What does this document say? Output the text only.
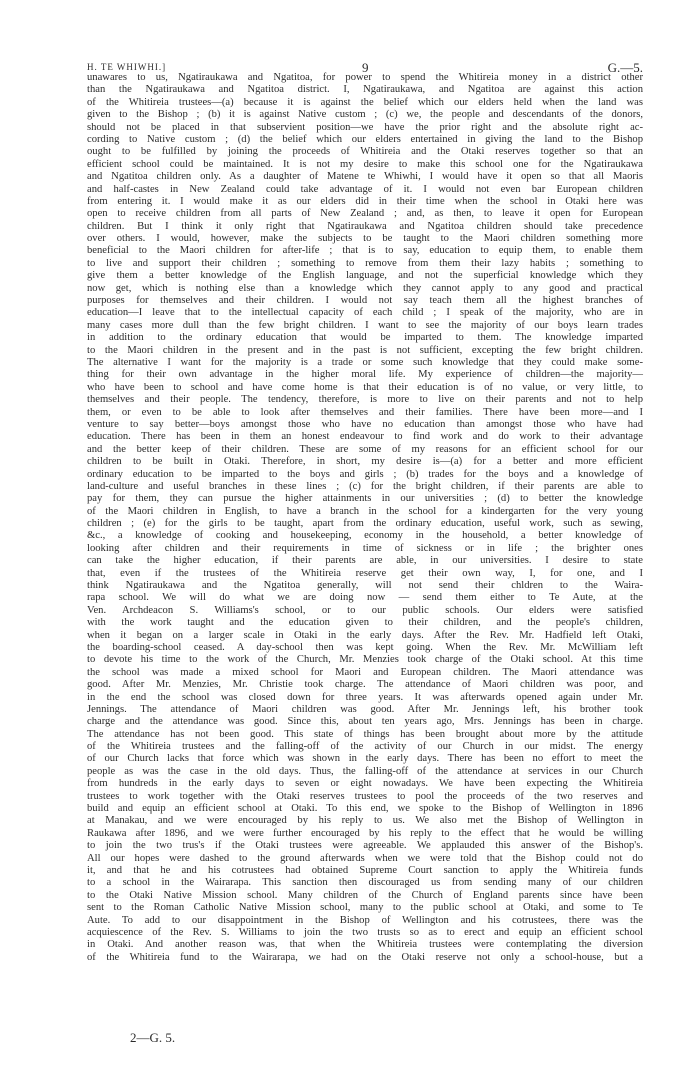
H. TE WHIWHI.]	9	G.—5.
unawares to us, Ngatiraukawa and Ngatitoa, for power to spend the Whitireia money in a district other
than the Ngatiraukawa and Ngatitoa district. I, Ngatiraukawa, and Ngatitoa are against this action
of the Whitireia trustees—(a) because it is against the belief which our elders held when the land was
given to the Bishop ; (b) it is against Native custom ; (c) we, the people and descendants of the donors,
should not be placed in that subservient position—we have the prior right and the absolute right ac-
cording to Native custom ; (d) the belief which our elders entertained in giving the land to the Bishop
ought to be fulfilled by joining the proceeds of Whitireia and the Otaki reserves together so that an
efficient school could be maintained. It is not my desire to make this school one for the Ngatiraukawa
and Ngatitoa children only. As a daughter of Matene te Whiwhi, I would have it open so that all Maoris
and half-castes in New Zealand could take advantage of it. I would not even bar European children
from entering it. I would make it as our elders did in their time when the school in Otaki here was
open to receive children from all parts of New Zealand ; and, as then, to leave it open for European
children. But I think it only right that Ngatiraukawa and Ngatitoa children should take precedence
over others. I would, however, make the subjects to be taught to the Maori children something more
beneficial to the Maori children for after-life ; that is to say, education to equip them, to enable them
to live and support their children ; something to remove from them their lazy habits ; something to
give them a better knowledge of the English language, and not the superficial knowledge which they
now get, which is nothing else than a knowledge which they cannot apply to any good and practical
purposes for themselves and their children. I would not say teach them all the highest branches of
education—I leave that to the intellectual capacity of each child ; I speak of the majority, who are in
many cases more dull than the few bright children. I want to see the majority of our boys learn trades
in addition to the ordinary education that would be imparted to them. The knowledge imparted
to the Maori children in the present and in the past is not sufficient, excepting the few bright children.
The alternative I want for the majority is a trade or some such knowledge that they could make some-
thing for their own advantage in the higher moral life. My experience of children—the majority—
who have been to school and have come home is that their education is of no value, or very little, to
themselves and their people. The tendency, therefore, is more to live on their parents and not to help
them, or even to be able to look after themselves and their families. There have been more—and I
venture to say better—boys amongst those who have no education than amongst those who have had
education. There has been in them an honest endeavour to find work and do work to their advantage
and the better keep of their children. These are some of my reasons for an efficient school for our
children to be built in Otaki. Therefore, in short, my desire is—(a) for a better and more efficient
ordinary education to be imparted to the boys and girls ; (b) trades for the boys and a knowledge of
land-culture and useful branches in these lines ; (c) for the bright children, if their parents are able to
pay for them, they can pursue the higher attainments in our universities ; (d) to better the knowledge
of the Maori children in English, to have a branch in the school for a kindergarten for the very young
children ; (e) for the girls to be taught, apart from the ordinary education, useful work, such as sewing,
&c., a knowledge of cooking and housekeeping, economy in the household, a better knowledge of
looking after children and their requirements in time of sickness or in life ; the brighter ones
can take the higher education, if their parents are able, in our universities. I desire to state
that, even if the trustees of the Whitireia reserve get their own way, I, for one, and I
think Ngatiraukawa and the Ngatitoa generally, will not send their chldren to the Waira-
rapa school. We will do what we are doing now — send them either to Te Aute, at the
Ven. Archdeacon S. Williams's school, or to our public schools. Our elders were satisfied
with the work taught and the education given to their children, and the people's children,
when it began on a larger scale in Otaki in the early days. After the Rev. Mr. Hadfield left Otaki,
the boarding-school ceased. A day-school then was kept going. When the Rev. Mr. McWilliam left
to devote his time to the work of the Church, Mr. Menzies took charge of the Otaki school. At this time
the school was made a mixed school for Maori and European children. The Maori attendance was
good. After Mr. Menzies, Mr. Christie took charge. The attendance of Maori children was poor, and
in the end the school was closed down for three years. It was afterwards opened again under Mr.
Jennings. The attendance of Maori children was good. After Mr. Jennings left, his brother took
charge and the attendance was good. Since this, about ten years ago, Mrs. Jennings has been in charge.
The attendance has not been good. This state of things has been brought about more by the attitude
of the Whitireia trustees and the falling-off of the activity of our Church in our midst. The energy
of our Church lacks that force which was shown in the early days. There has been no effort to meet the
people as was the case in the old days. Thus, the falling-off of the attendance at services in our Church
from hundreds in the early days to seven or eight nowadays. We have been expecting the Whitireia
trustees to work together with the Otaki reserves trustees to pool the proceeds of the two reserves and
build and equip an efficient school at Otaki. To this end, we spoke to the Bishop of Wellington in 1896
at Manakau, and we were encouraged by his reply to us. We also met the Bishop of Wellington in
Raukawa after 1896, and we were further encouraged by his reply to the effect that he would be willing
to join the two trus's if the Otaki trustees were agreeable. We applauded this answer of the Bishop's.
All our hopes were dashed to the ground afterwards when we were told that the Bishop could not do
it, and that he and his cotrustees had obtained Supreme Court sanction to apply the Whitireia funds
to a school in the Wairarapa. This sanction then discouraged us from sending many of our children
to the Otaki Native Mission school. Many children of the Church of England parents since have been
sent to the Roman Catholic Native Mission school, many to the public school at Otaki, and some to Te
Aute. To add to our disappointment in the Bishop of Wellington and his cotrustees, there was the
acquiescence of the Rev. S. Williams to join the two trusts so as to erect and equip an efficient school
in Otaki. And another reason was, that when the Whitireia trustees were contemplating the diversion
of the Whitireia fund to the Wairarapa, we had on the Otaki reserve not only a school-house, but a
2—G. 5.
